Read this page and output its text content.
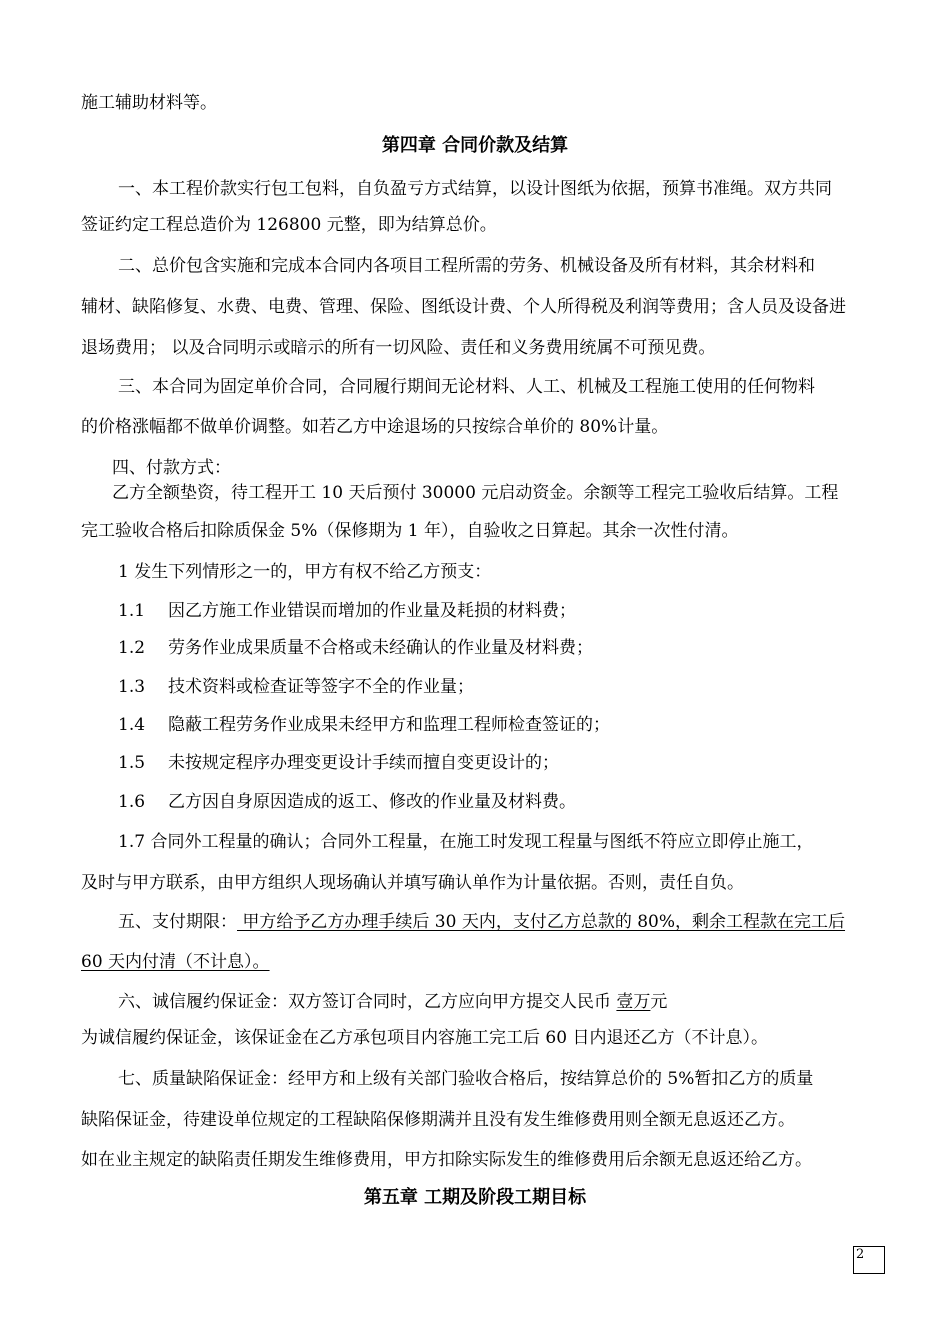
施工辅助材料等。
第四章 合同价款及结算
一、本工程价款实行包工包料，自负盈亏方式结算，以设计图纸为依据，预算书准绳。双方共同
签证约定工程总造价为 126800 元整，即为结算总价。
二、总价包含实施和完成本合同内各项目工程所需的劳务、机械设备及所有材料，其余材料和
辅材、缺陷修复、水费、电费、管理、保险、图纸设计费、个人所得税及利润等费用；含人员及设备进
退场费用； 以及合同明示或暗示的所有一切风险、责任和义务费用统属不可预见费。
三、本合同为固定单价合同，合同履行期间无论材料、人工、机械及工程施工使用的任何物料
的价格涨幅都不做单价调整。如若乙方中途退场的只按综合单价的 80%计量。
四、付款方式：
乙方全额垫资，待工程开工 10 天后预付 30000 元启动资金。余额等工程完工验收后结算。工程
完工验收合格后扣除质保金 5%（保修期为 1 年），自验收之日算起。其余一次性付清。
1 发生下列情形之一的，甲方有权不给乙方预支：
1.1 因乙方施工作业错误而增加的作业量及耗损的材料费；
1.2 劳务作业成果质量不合格或未经确认的作业量及材料费；
1.3 技术资料或检查证等签字不全的作业量；
1.4 隐蔽工程劳务作业成果未经甲方和监理工程师检查签证的；
1.5 未按规定程序办理变更设计手续而擅自变更设计的；
1.6 乙方因自身原因造成的返工、修改的作业量及材料费。
1.7 合同外工程量的确认；合同外工程量，在施工时发现工程量与图纸不符应立即停止施工，
及时与甲方联系，由甲方组织人现场确认并填写确认单作为计量依据。否则，责任自负。
五、支付期限： 甲方给予乙方办理手续后 30 天内，支付乙方总款的 80%，剩余工程款在完工后
60 天内付清（不计息）。
六、诚信履约保证金：双方签订合同时，乙方应向甲方提交人民币 壹万元
为诚信履约保证金，该保证金在乙方承包项目内容施工完工后 60 日内退还乙方（不计息）。
七、质量缺陷保证金：经甲方和上级有关部门验收合格后，按结算总价的 5%暂扣乙方的质量
缺陷保证金，待建设单位规定的工程缺陷保修期满并且没有发生维修费用则全额无息返还乙方。
如在业主规定的缺陷责任期发生维修费用，甲方扣除实际发生的维修费用后余额无息返还给乙方。
第五章 工期及阶段工期目标
2
